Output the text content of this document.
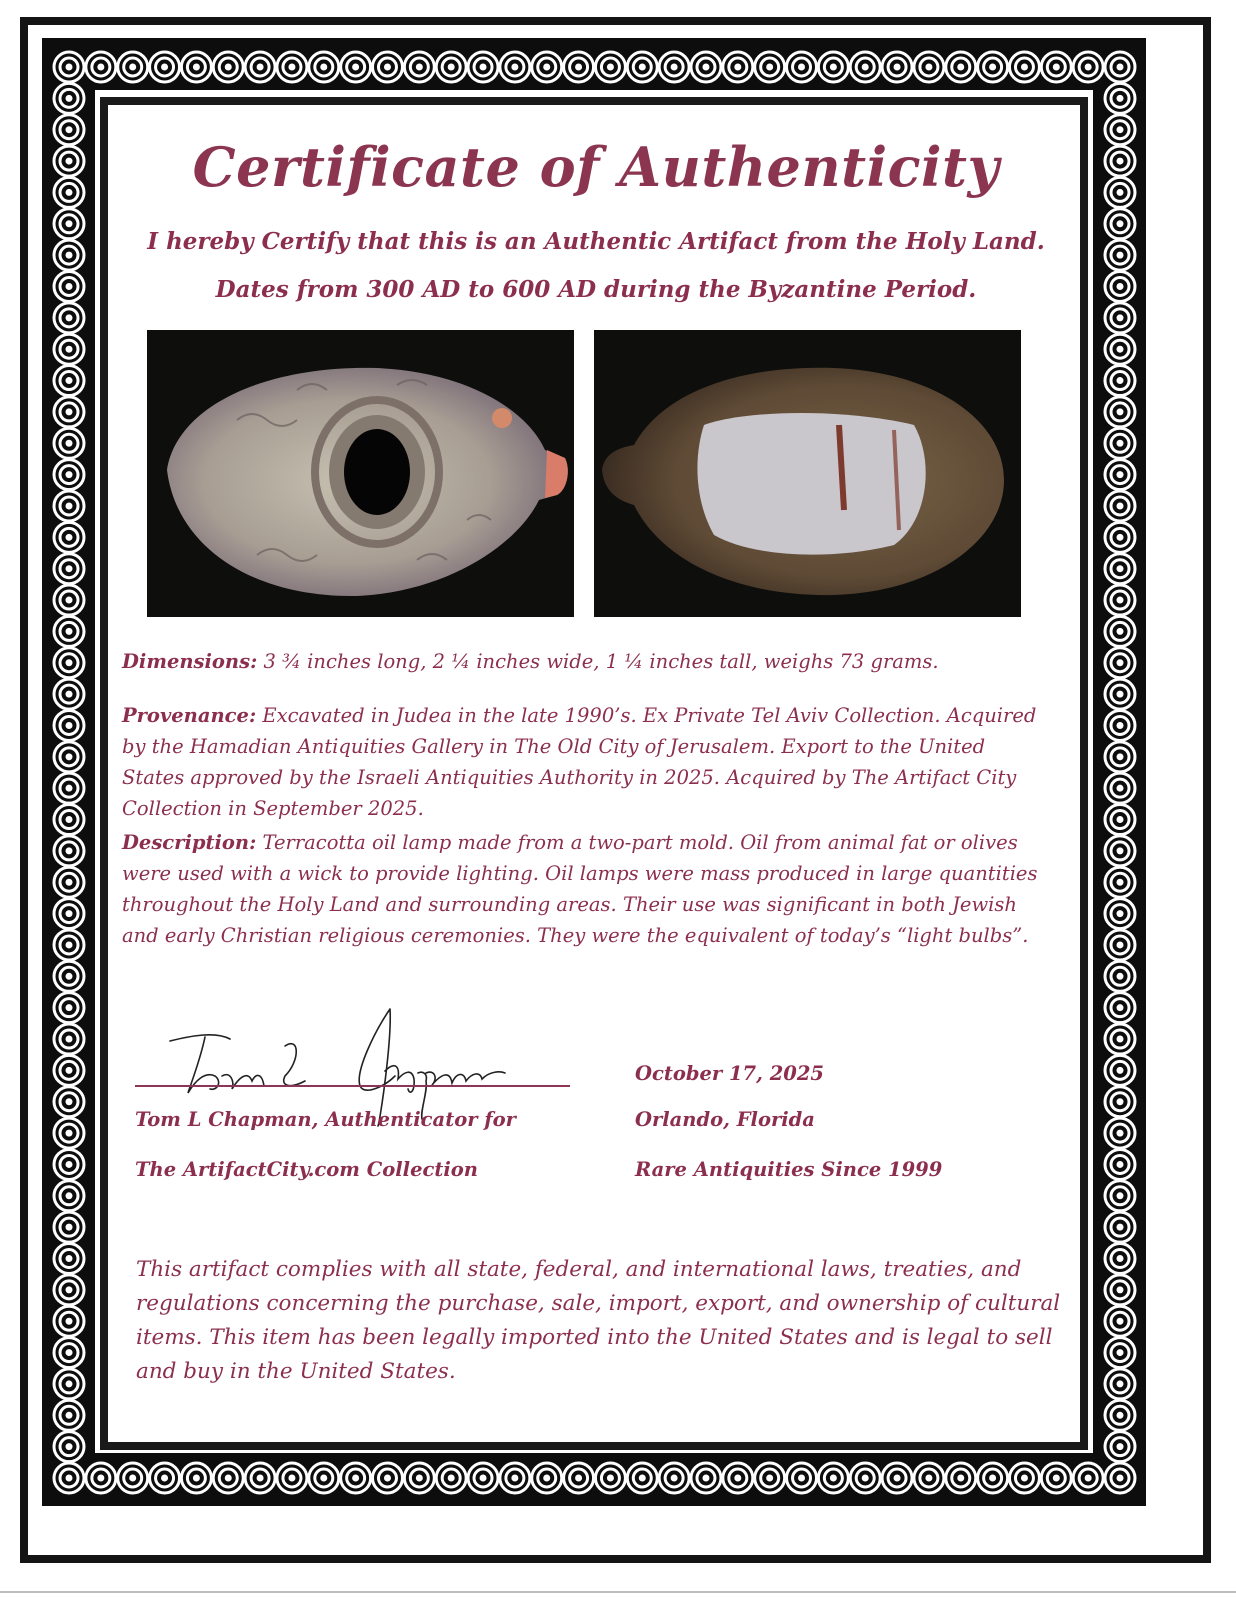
Certificate of Authenticity
I hereby Certify that this is an Authentic Artifact from the Holy Land.
Dates from 300 AD to 600 AD during the Byzantine Period.
Dimensions: 3 ¾ inches long, 2 ¼ inches wide, 1 ¼ inches tall, weighs 73 grams.
Provenance: Excavated in Judea in the late 1990’s. Ex Private Tel Aviv Collection. Acquired by the Hamadian Antiquities Gallery in The Old City of Jerusalem. Export to the United States approved by the Israeli Antiquities Authority in 2025. Acquired by The Artifact City Collection in September 2025.
Description: Terracotta oil lamp made from a two-part mold. Oil from animal fat or olives were used with a wick to provide lighting. Oil lamps were mass produced in large quantities throughout the Holy Land and surrounding areas. Their use was significant in both Jewish and early Christian religious ceremonies. They were the equivalent of today’s “light bulbs”.
Tom L Chapman, Authenticator for
The ArtifactCity.com Collection
October 17, 2025
Orlando, Florida
Rare Antiquities Since 1999
This artifact complies with all state, federal, and international laws, treaties, and regulations concerning the purchase, sale, import, export, and ownership of cultural items. This item has been legally imported into the United States and is legal to sell and buy in the United States.
